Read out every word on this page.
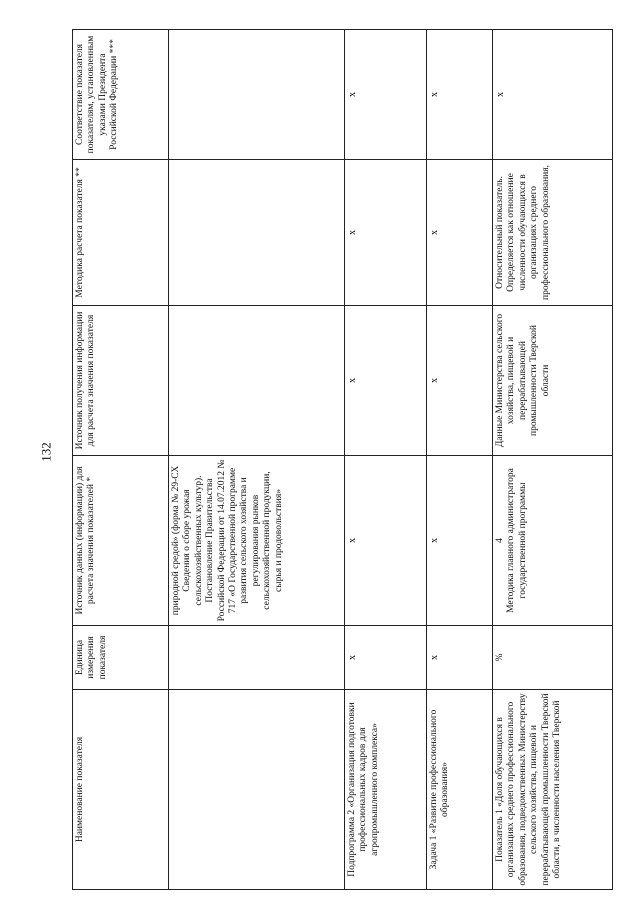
132
Наименование показателя	Единица измерения показателя	Источник данных (информации) для расчета значения показателей *	Источник получения информации для расчета значения показателя	Методика расчета показателя **	Соответствие показателя показателям, установленным указами Президента Российской Федерации ***
		природной средой» (форма № 29-СХ Сведения о сборе урожая сельскохозяйственных культур). Постановление Правительства Российской Федерации от 14.07.2012 № 717 «О Государственной программе развития сельского хозяйства и регулирования рынков сельскохозяйственной продукции, сырья и продовольствия»			
Подпрограмма 2 «Организация подготовки профессиональных кадров для агропромышленного комплекса»	х	х	х	х	х
Задача 1 «Развитие профессионального образования»	х	х	х	х	х
Показатель 1 «Доля обучающихся в организациях среднего профессионального образования, подведомственных Министерству сельского хозяйства, пищевой и перерабатывающей промышленности Тверской области, в численности населения Тверской	%	4 Методика главного администратора государственной программы	Данные Министерства сельского хозяйства, пищевой и перерабатывающей промышленности Тверской области	Относительный показатель. Определяется как отношение численности обучающихся в организациях среднего профессионального образования,	х
